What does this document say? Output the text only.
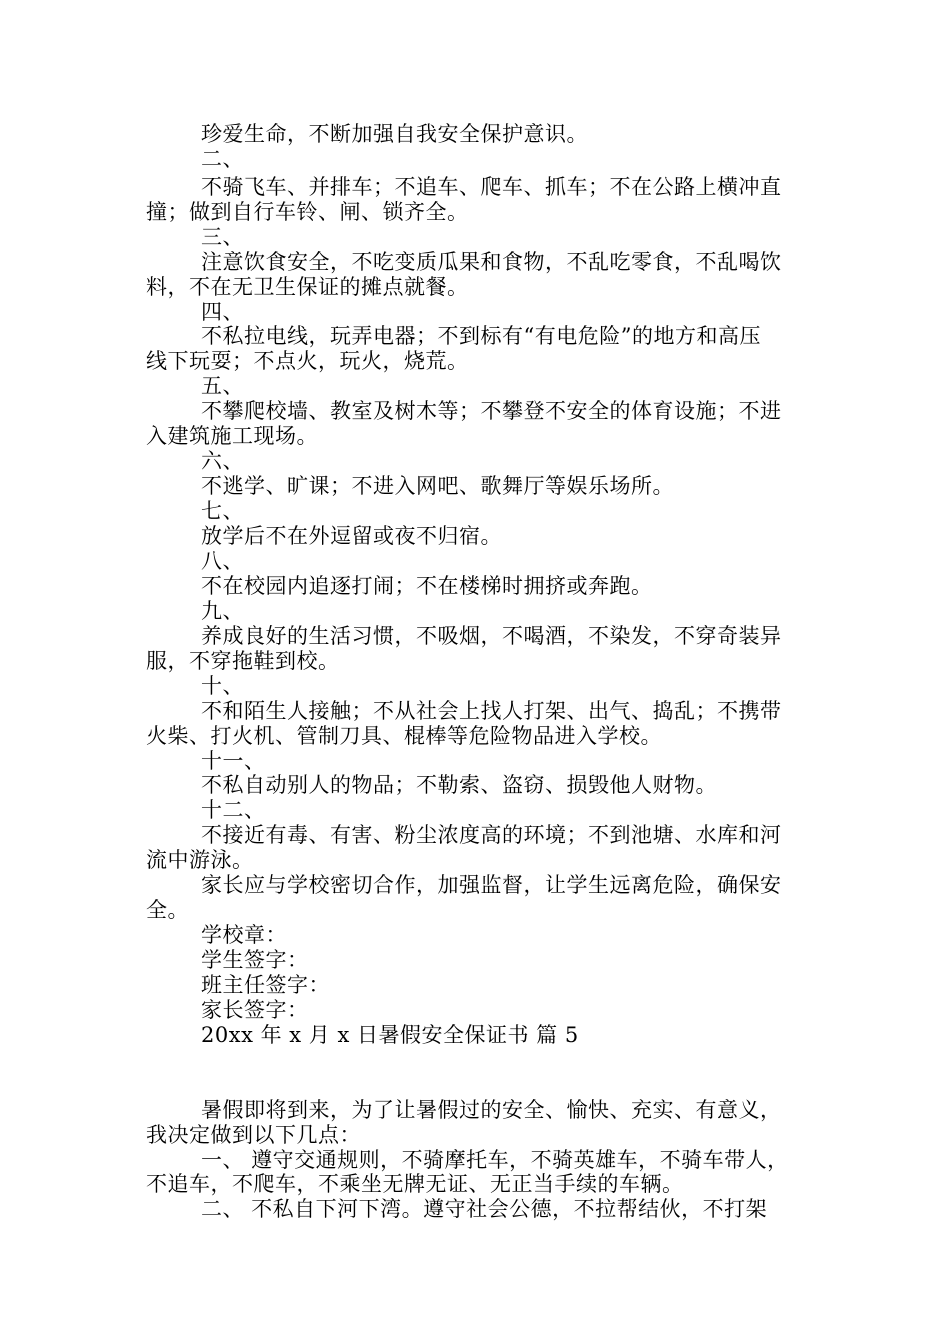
珍爱生命，不断加强自我安全保护意识。
二、
不骑飞车、并排车；不追车、爬车、抓车；不在公路上横冲直
撞；做到自行车铃、闸、锁齐全。
三、
注意饮食安全，不吃变质瓜果和食物，不乱吃零食，不乱喝饮
料，不在无卫生保证的摊点就餐。
四、
不私拉电线，玩弄电器；不到标有“有电危险”的地方和高压
线下玩耍；不点火，玩火，烧荒。
五、
不攀爬校墙、教室及树木等；不攀登不安全的体育设施；不进
入建筑施工现场。
六、
不逃学、旷课；不进入网吧、歌舞厅等娱乐场所。
七、
放学后不在外逗留或夜不归宿。
八、
不在校园内追逐打闹；不在楼梯时拥挤或奔跑。
九、
养成良好的生活习惯，不吸烟，不喝酒，不染发，不穿奇装异
服，不穿拖鞋到校。
十、
不和陌生人接触；不从社会上找人打架、出气、捣乱；不携带
火柴、打火机、管制刀具、棍棒等危险物品进入学校。
十一、
不私自动别人的物品；不勒索、盗窃、损毁他人财物。
十二、
不接近有毒、有害、粉尘浓度高的环境；不到池塘、水库和河
流中游泳。
家长应与学校密切合作，加强监督，让学生远离危险，确保安
全。
学校章：
学生签字：
班主任签字：
家长签字：
20xx 年 x 月 x 日暑假安全保证书 篇 5
暑假即将到来，为了让暑假过的安全、愉快、充实、有意义，
我决定做到以下几点：
一、 遵守交通规则，不骑摩托车，不骑英雄车，不骑车带人，
不追车，不爬车，不乘坐无牌无证、无正当手续的车辆。
二、 不私自下河下湾。遵守社会公德，不拉帮结伙，不打架
